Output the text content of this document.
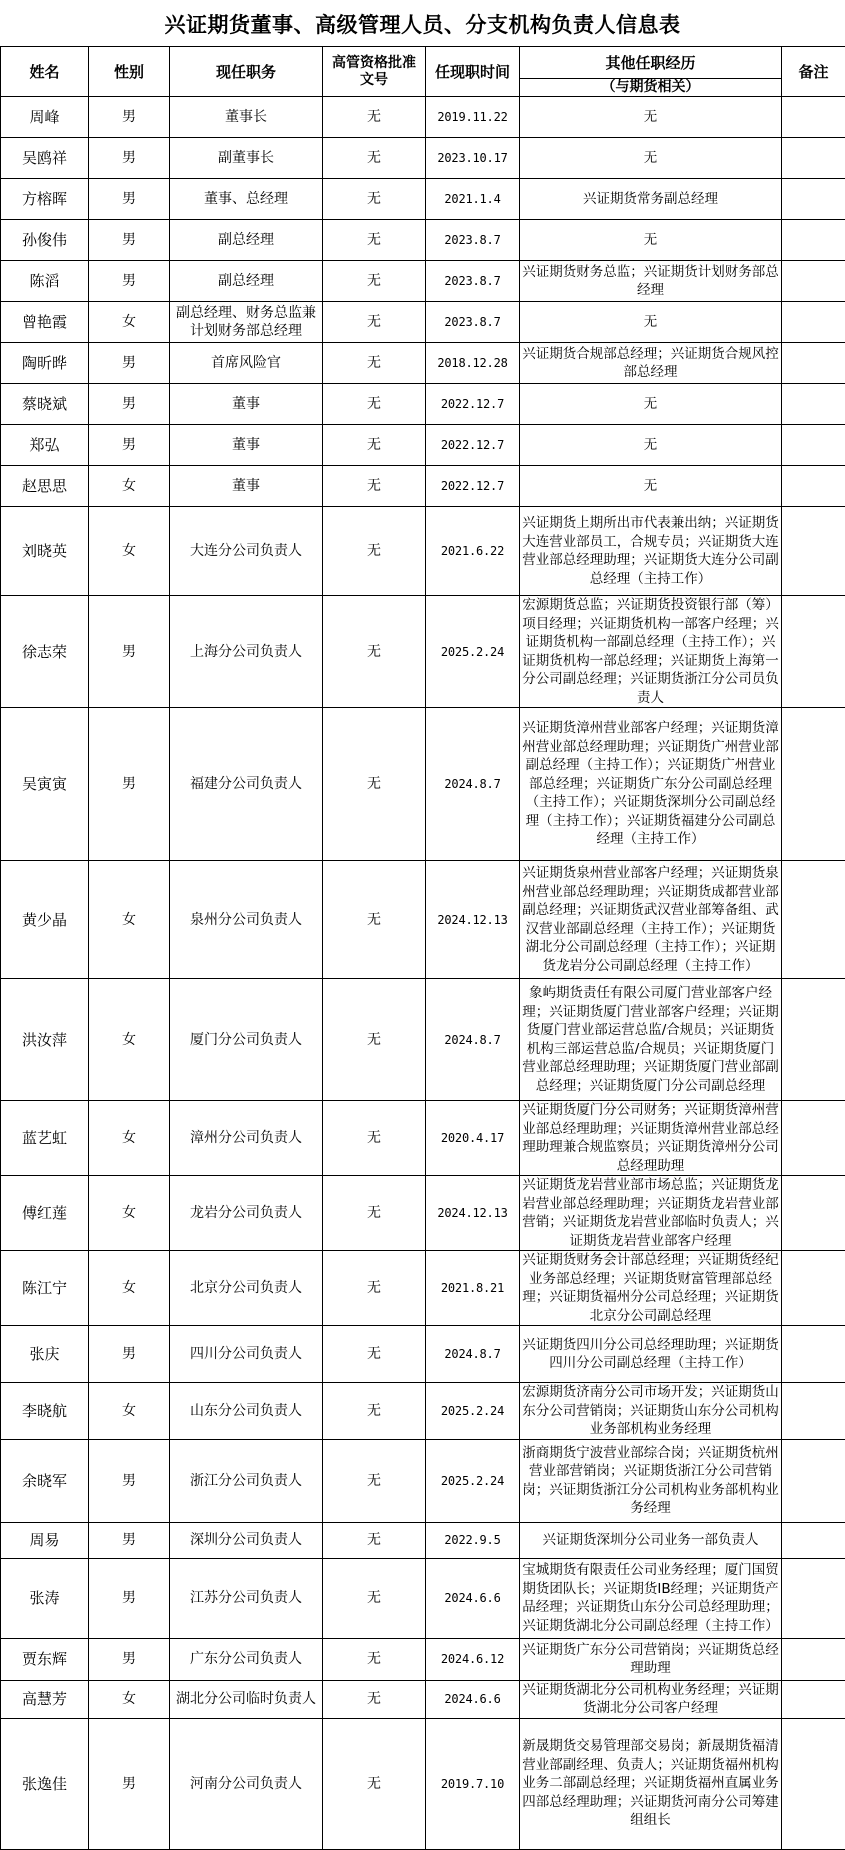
兴证期货董事、高级管理人员、分支机构负责人信息表
姓名	性别	现任职务	高管资格批准文号	任现职时间	其他任职经历	备注
					（与期货相关）	
周峰	男	董事长	无	2019.11.22	无	
吴鸥祥	男	副董事长	无	2023.10.17	无	
方榕晖	男	董事、总经理	无	2021.1.4	兴证期货常务副总经理	
孙俊伟	男	副总经理	无	2023.8.7	无	
陈滔	男	副总经理	无	2023.8.7	兴证期货财务总监；兴证期货计划财务部总经理	
曾艳霞	女	副总经理、财务总监兼计划财务部总经理	无	2023.8.7	无	
陶昕晔	男	首席风险官	无	2018.12.28	兴证期货合规部总经理；兴证期货合规风控部总经理	
蔡晓斌	男	董事	无	2022.12.7	无	
郑弘	男	董事	无	2022.12.7	无	
赵思思	女	董事	无	2022.12.7	无	
刘晓英	女	大连分公司负责人	无	2021.6.22	兴证期货上期所出市代表兼出纳；兴证期货大连营业部员工，合规专员；兴证期货大连营业部总经理助理；兴证期货大连分公司副总经理（主持工作）	
徐志荣	男	上海分公司负责人	无	2025.2.24	宏源期货总监；兴证期货投资银行部（筹）项目经理；兴证期货机构一部客户经理；兴证期货机构一部副总经理（主持工作）；兴证期货机构一部总经理；兴证期货上海第一分公司副总经理；兴证期货浙江分公司员负责人	
吴寅寅	男	福建分公司负责人	无	2024.8.7	兴证期货漳州营业部客户经理；兴证期货漳州营业部总经理助理；兴证期货广州营业部副总经理（主持工作）；兴证期货广州营业部总经理；兴证期货广东分公司副总经理（主持工作）；兴证期货深圳分公司副总经理（主持工作）；兴证期货福建分公司副总经理（主持工作）	
黄少晶	女	泉州分公司负责人	无	2024.12.13	兴证期货泉州营业部客户经理；兴证期货泉州营业部总经理助理；兴证期货成都营业部副总经理；兴证期货武汉营业部筹备组、武汉营业部副总经理（主持工作）；兴证期货湖北分公司副总经理（主持工作）；兴证期货龙岩分公司副总经理（主持工作）	
洪汝萍	女	厦门分公司负责人	无	2024.8.7	象屿期货责任有限公司厦门营业部客户经理；兴证期货厦门营业部客户经理；兴证期货厦门营业部运营总监/合规员；兴证期货机构三部运营总监/合规员；兴证期货厦门营业部总经理助理；兴证期货厦门营业部副总经理；兴证期货厦门分公司副总经理	
蓝艺虹	女	漳州分公司负责人	无	2020.4.17	兴证期货厦门分公司财务；兴证期货漳州营业部总经理助理；兴证期货漳州营业部总经理助理兼合规监察员；兴证期货漳州分公司总经理助理	
傅红莲	女	龙岩分公司负责人	无	2024.12.13	兴证期货龙岩营业部市场总监；兴证期货龙岩营业部总经理助理；兴证期货龙岩营业部营销；兴证期货龙岩营业部临时负责人；兴证期货龙岩营业部客户经理	
陈江宁	女	北京分公司负责人	无	2021.8.21	兴证期货财务会计部总经理；兴证期货经纪业务部总经理；兴证期货财富管理部总经理；兴证期货福州分公司总经理；兴证期货北京分公司副总经理	
张庆	男	四川分公司负责人	无	2024.8.7	兴证期货四川分公司总经理助理；兴证期货四川分公司副总经理（主持工作）	
李晓航	女	山东分公司负责人	无	2025.2.24	宏源期货济南分公司市场开发；兴证期货山东分公司营销岗；兴证期货山东分公司机构业务部机构业务经理	
余晓军	男	浙江分公司负责人	无	2025.2.24	浙商期货宁波营业部综合岗；兴证期货杭州营业部营销岗；兴证期货浙江分公司营销岗；兴证期货浙江分公司机构业务部机构业务经理	
周易	男	深圳分公司负责人	无	2022.9.5	兴证期货深圳分公司业务一部负责人	
张涛	男	江苏分公司负责人	无	2024.6.6	宝城期货有限责任公司业务经理；厦门国贸期货团队长；兴证期货IB经理；兴证期货产品经理；兴证期货山东分公司总经理助理；兴证期货湖北分公司副总经理（主持工作）	
贾东辉	男	广东分公司负责人	无	2024.6.12	兴证期货广东分公司营销岗；兴证期货总经理助理	
高慧芳	女	湖北分公司临时负责人	无	2024.6.6	兴证期货湖北分公司机构业务经理；兴证期货湖北分公司客户经理	
张逸佳	男	河南分公司负责人	无	2019.7.10	新晟期货交易管理部交易岗；新晟期货福清营业部副经理、负责人；兴证期货福州机构业务二部副总经理；兴证期货福州直属业务四部总经理助理；兴证期货河南分公司筹建组组长	
